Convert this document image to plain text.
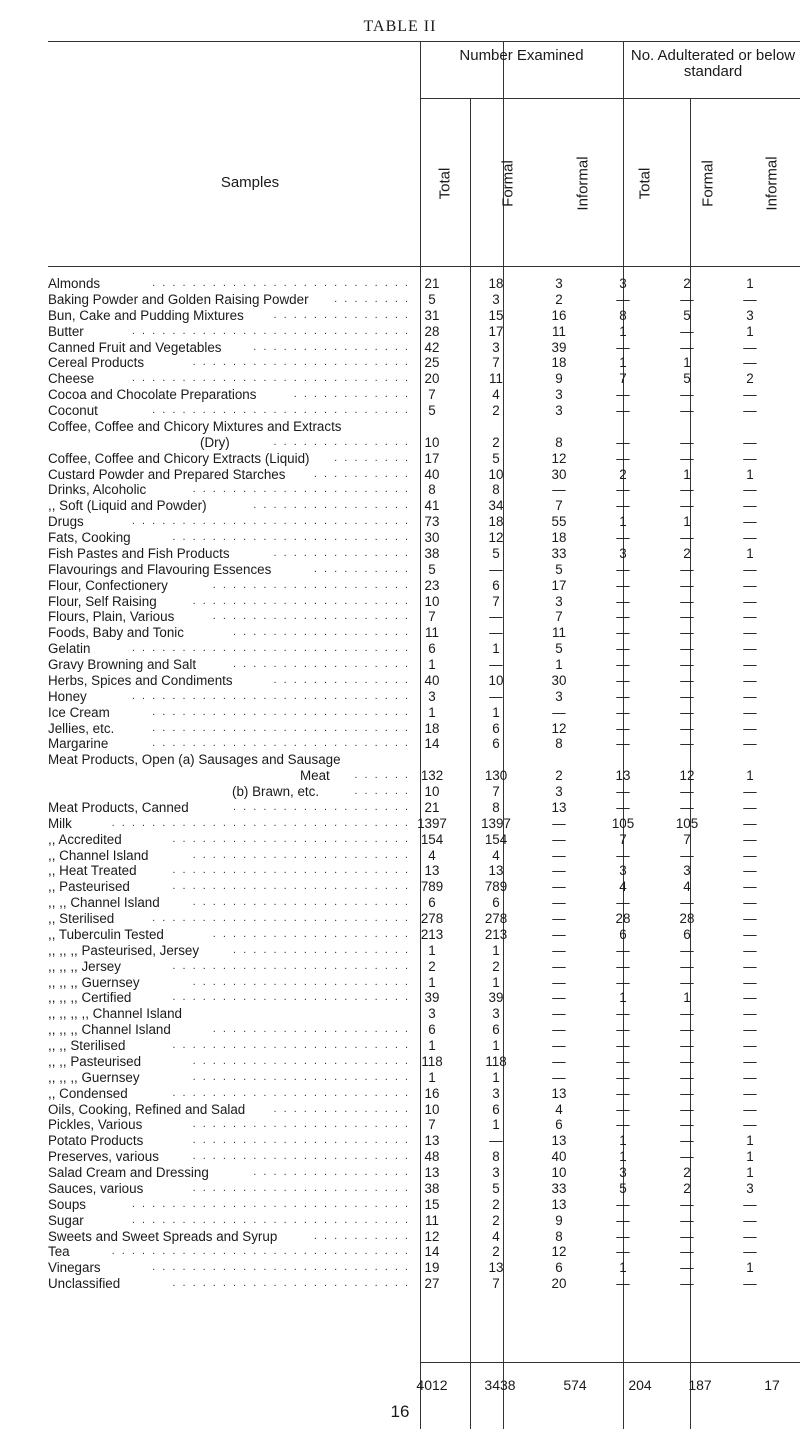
TABLE II
Samples
Number Examined	No. Adulterated or below standard
Total	Formal	Informal	Total	Formal	Informal
Almonds	21	18	3	3	2	1
. . . . . . . . . . . . . . . . . . . . . . . . . .
Baking Powder and Golden Raising Powder	5	3	2	—	—	—
. . . . . . . .
Bun, Cake and Pudding Mixtures	31	15	16	8	5	3
. . . . . . . . . . . . . .
Butter	28	17	11	1	—	1
. . . . . . . . . . . . . . . . . . . . . . . . . . . .
Canned Fruit and Vegetables	42	3	39	—	—	—
. . . . . . . . . . . . . . . .
Cereal Products	25	7	18	1	1	—
. . . . . . . . . . . . . . . . . . . . . .
Cheese	20	11	9	7	5	2
. . . . . . . . . . . . . . . . . . . . . . . . . . . .
Cocoa and Chocolate Preparations	7	4	3	—	—	—
. . . . . . . . . . . .
Coconut	5	2	3	—	—	—
. . . . . . . . . . . . . . . . . . . . . . . . . .
Coffee, Coffee and Chicory Mixtures and Extracts
(Dry)	10	2	8	—	—	—
. . . . . . . . . . . . . .
Coffee, Coffee and Chicory Extracts (Liquid)	17	5	12	—	—	—
. . . . . . . .
Custard Powder and Prepared Starches	40	10	30	2	1	1
. . . . . . . . . .
Drinks, Alcoholic	8	8	—	—	—	—
. . . . . . . . . . . . . . . . . . . . . .
,, Soft (Liquid and Powder)	41	34	7	—	—	—
. . . . . . . . . . . . . . . .
Drugs	73	18	55	1	1	—
. . . . . . . . . . . . . . . . . . . . . . . . . . . .
Fats, Cooking	30	12	18	—	—	—
. . . . . . . . . . . . . . . . . . . . . . . .
Fish Pastes and Fish Products	38	5	33	3	2	1
. . . . . . . . . . . . . .
Flavourings and Flavouring Essences	5	—	5	—	—	—
. . . . . . . . . .
Flour, Confectionery	23	6	17	—	—	—
. . . . . . . . . . . . . . . . . . . .
Flour, Self Raising	10	7	3	—	—	—
. . . . . . . . . . . . . . . . . . . . . .
Flours, Plain, Various	7	—	7	—	—	—
. . . . . . . . . . . . . . . . . . . .
Foods, Baby and Tonic	11	—	11	—	—	—
. . . . . . . . . . . . . . . . . .
Gelatin	6	1	5	—	—	—
. . . . . . . . . . . . . . . . . . . . . . . . . . . .
Gravy Browning and Salt	1	—	1	—	—	—
. . . . . . . . . . . . . . . . . .
Herbs, Spices and Condiments	40	10	30	—	—	—
. . . . . . . . . . . . . .
Honey	3	—	3	—	—	—
. . . . . . . . . . . . . . . . . . . . . . . . . . . .
Ice Cream	1	1	—	—	—	—
. . . . . . . . . . . . . . . . . . . . . . . . . .
Jellies, etc.	18	6	12	—	—	—
. . . . . . . . . . . . . . . . . . . . . . . . . .
Margarine	14	6	8	—	—	—
. . . . . . . . . . . . . . . . . . . . . . . . . .
Meat Products, Open (a) Sausages and Sausage
Meat	132	130	2	13	12	1
. . . . . .
(b) Brawn, etc.	10	7	3	—	—	—
. . . . . .
Meat Products, Canned	21	8	13	—	—	—
. . . . . . . . . . . . . . . . . .
Milk	1397	1397	—	105	105	—
. . . . . . . . . . . . . . . . . . . . . . . . . . . . . .
,, Accredited	154	154	—	7	7	—
. . . . . . . . . . . . . . . . . . . . . . . .
,, Channel Island	4	4	—	—	—	—
. . . . . . . . . . . . . . . . . . . . . .
,, Heat Treated	13	13	—	3	3	—
. . . . . . . . . . . . . . . . . . . . . . . .
,, Pasteurised	789	789	—	4	4	—
. . . . . . . . . . . . . . . . . . . . . . . .
,, ,, Channel Island	6	6	—	—	—	—
. . . . . . . . . . . . . . . . . . . . . .
,, Sterilised	278	278	—	28	28	—
. . . . . . . . . . . . . . . . . . . . . . . . . .
,, Tuberculin Tested	213	213	—	6	6	—
. . . . . . . . . . . . . . . . . . . .
,, ,, ,, Pasteurised, Jersey	1	1	—	—	—	—
. . . . . . . . . . . . . . . . . .
,, ,, ,, Jersey	2	2	—	—	—	—
. . . . . . . . . . . . . . . . . . . . . . . .
,, ,, ,, Guernsey	1	1	—	—	—	—
. . . . . . . . . . . . . . . . . . . . . .
,, ,, ,, Certified	39	39	—	1	1	—
. . . . . . . . . . . . . . . . . . . . . . . .
,, ,, ,, ,, Channel Island	3	3	—	—	—	—
,, ,, ,, Channel Island	6	6	—	—	—	—
. . . . . . . . . . . . . . . . . . . .
,, ,, Sterilised	1	1	—	—	—	—
. . . . . . . . . . . . . . . . . . . . . . . .
,, ,, Pasteurised	118	118	—	—	—	—
. . . . . . . . . . . . . . . . . . . . . .
,, ,, ,, Guernsey	1	1	—	—	—	—
. . . . . . . . . . . . . . . . . . . . . .
,, Condensed	16	3	13	—	—	—
. . . . . . . . . . . . . . . . . . . . . . . .
Oils, Cooking, Refined and Salad	10	6	4	—	—	—
. . . . . . . . . . . . . .
Pickles, Various	7	1	6	—	—	—
. . . . . . . . . . . . . . . . . . . . . .
Potato Products	13	—	13	1	—	1
. . . . . . . . . . . . . . . . . . . . . .
Preserves, various	48	8	40	1	—	1
. . . . . . . . . . . . . . . . . . . . . .
Salad Cream and Dressing	13	3	10	3	2	1
. . . . . . . . . . . . . . . .
Sauces, various	38	5	33	5	2	3
. . . . . . . . . . . . . . . . . . . . . .
Soups	15	2	13	—	—	—
. . . . . . . . . . . . . . . . . . . . . . . . . . . .
Sugar	11	2	9	—	—	—
. . . . . . . . . . . . . . . . . . . . . . . . . . . .
Sweets and Sweet Spreads and Syrup	12	4	8	—	—	—
. . . . . . . . . .
Tea	14	2	12	—	—	—
. . . . . . . . . . . . . . . . . . . . . . . . . . . . . .
Vinegars	19	13	6	1	—	1
. . . . . . . . . . . . . . . . . . . . . . . . . .
Unclassified	27	7	20	—	—	—
. . . . . . . . . . . . . . . . . . . . . . . .
4012	3438	574	204	187	17
16
